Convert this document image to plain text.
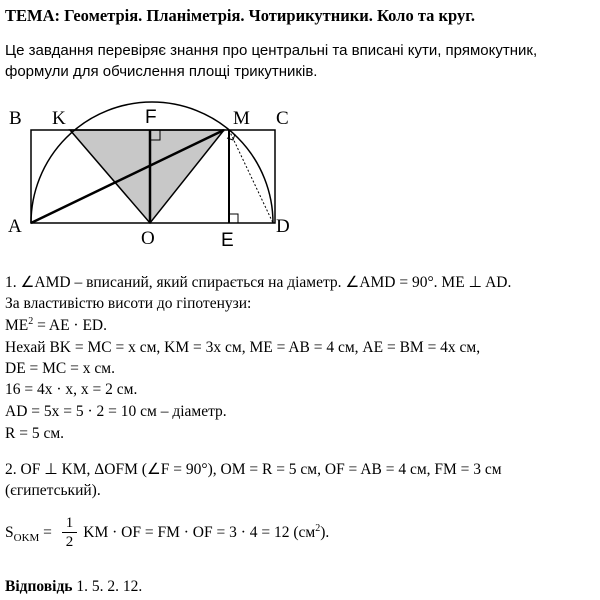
ТЕМА: Геометрія. Планіметрія. Чотирикутники. Коло та круг.
Це завдання перевіряє знання про центральні та вписані кути, прямокутник, формули для обчислення площі трикутників.
B K	F	M C
A
O	E
D
1. ∠AMD – вписаний, який спирається на діаметр. ∠AMD = 90°. ME ⊥ AD.
За властивістю висоти до гіпотенузи:
$ME^2$ = AE · ED.
Нехай BK = MC = x см, KM = 3x см, ME = AB = 4 см, AE = BM = 4x см,
DE = MC = x см.
16 = 4x · x, x = 2 см.
AD = 5x = 5 · 2 = 10 см – діаметр.
R = 5 см.
2. OF ⊥ KM, ΔOFM (∠F = 90°), OM = R = 5 см, OF = AB = 4 см, FM = 3 см
(єгипетський).
$S_{OKM} = \frac{1}{2}$ KM · OF = FM · OF = 3 · 4 = 12 $(см^2)$.
Відповідь 1. 5. 2. 12.
